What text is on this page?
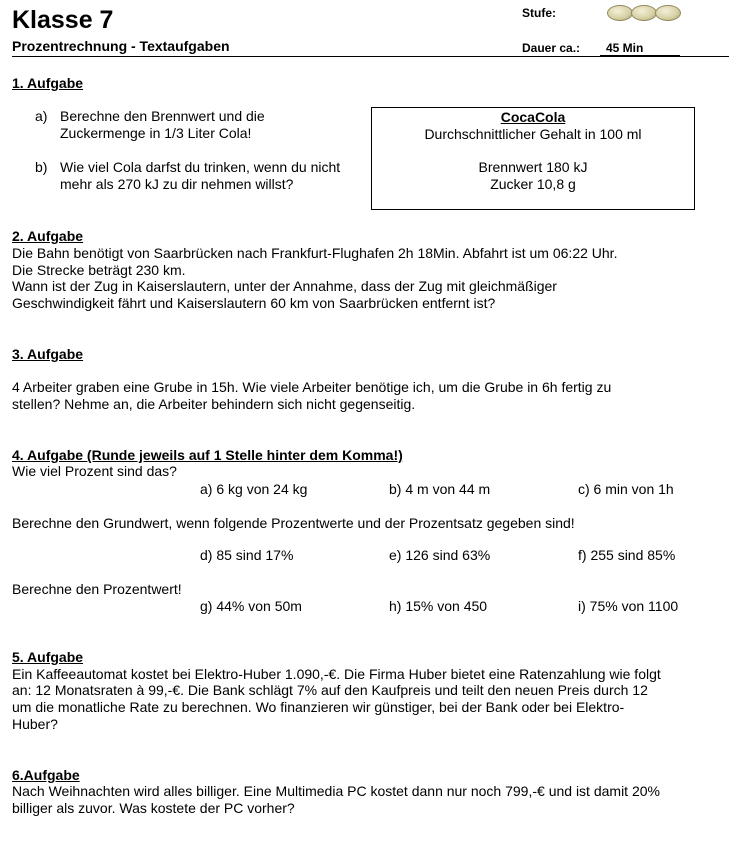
Klasse 7
Prozentrechnung - Textaufgaben
Stufe:
Dauer ca.: 45 Min
1. Aufgabe
a) Berechne den Brennwert und die
Zuckermenge in 1/3 Liter Cola!
b) Wie viel Cola darfst du trinken, wenn du nicht
mehr als 270 kJ zu dir nehmen willst?
CocaCola
Durchschnittlicher Gehalt in 100 ml
Brennwert 180 kJ
Zucker 10,8 g
2. Aufgabe
Die Bahn benötigt von Saarbrücken nach Frankfurt-Flughafen 2h 18Min. Abfahrt ist um 06:22 Uhr.
Die Strecke beträgt 230 km.
Wann ist der Zug in Kaiserslautern, unter der Annahme, dass der Zug mit gleichmäßiger
Geschwindigkeit fährt und Kaiserslautern 60 km von Saarbrücken entfernt ist?
3. Aufgabe
4 Arbeiter graben eine Grube in 15h. Wie viele Arbeiter benötige ich, um die Grube in 6h fertig zu
stellen? Nehme an, die Arbeiter behindern sich nicht gegenseitig.
4. Aufgabe (Runde jeweils auf 1 Stelle hinter dem Komma!)
Wie viel Prozent sind das?
a) 6 kg von 24 kg	b) 4 m von 44 m	c) 6 min von 1h
Berechne den Grundwert, wenn folgende Prozentwerte und der Prozentsatz gegeben sind!
d) 85 sind 17%	e) 126 sind 63%	f) 255 sind 85%
Berechne den Prozentwert!
g) 44% von 50m	h) 15% von 450	i) 75% von 1100
5. Aufgabe
Ein Kaffeeautomat kostet bei Elektro-Huber 1.090,-€. Die Firma Huber bietet eine Ratenzahlung wie folgt
an: 12 Monatsraten à 99,-€. Die Bank schlägt 7% auf den Kaufpreis und teilt den neuen Preis durch 12
um die monatliche Rate zu berechnen. Wo finanzieren wir günstiger, bei der Bank oder bei Elektro-
Huber?
6.Aufgabe
Nach Weihnachten wird alles billiger. Eine Multimedia PC kostet dann nur noch 799,-€ und ist damit 20%
billiger als zuvor. Was kostete der PC vorher?
